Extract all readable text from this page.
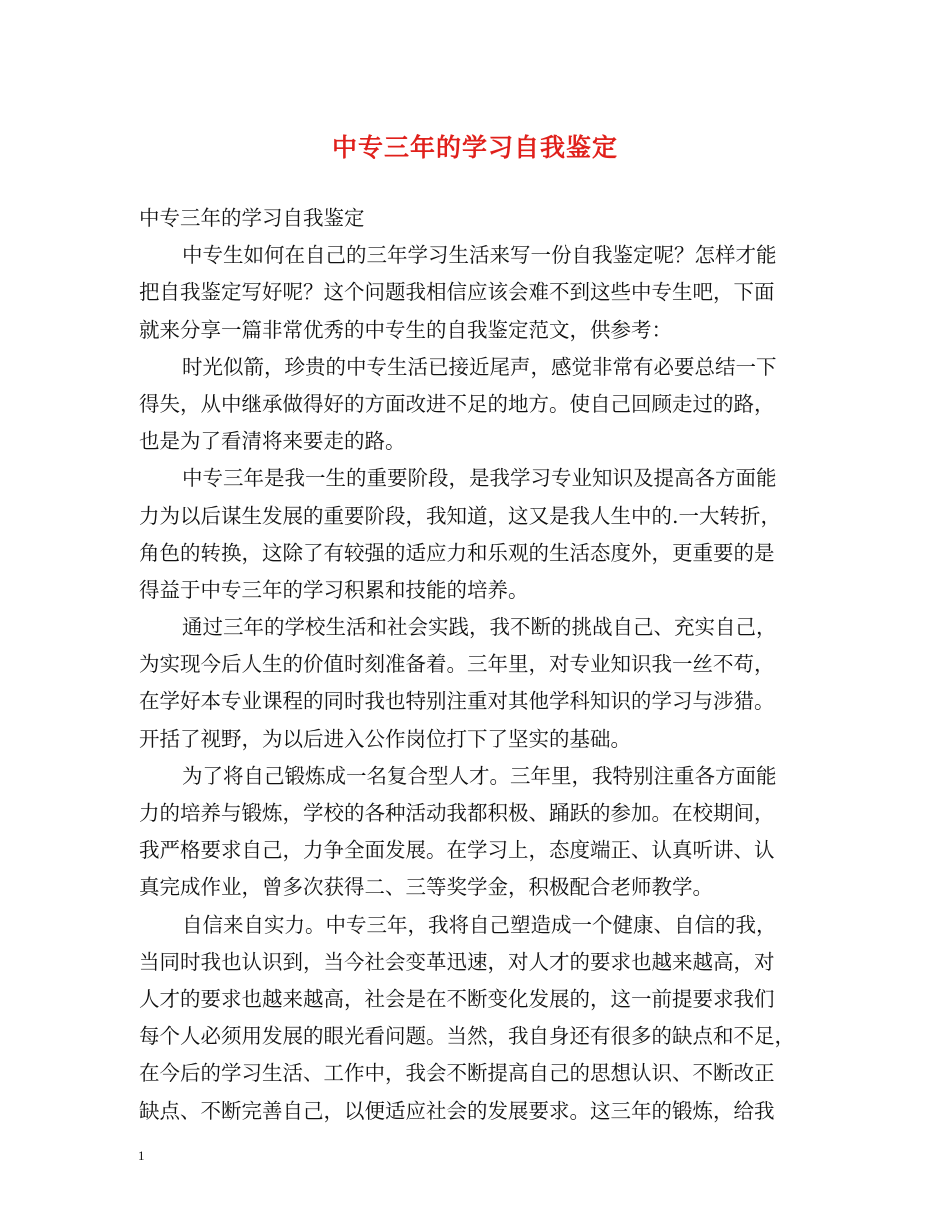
中专三年的学习自我鉴定
中专三年的学习自我鉴定
中专生如何在自己的三年学习生活来写一份自我鉴定呢？怎样才能
把自我鉴定写好呢？这个问题我相信应该会难不到这些中专生吧，下面
就来分享一篇非常优秀的中专生的自我鉴定范文，供参考：
时光似箭，珍贵的中专生活已接近尾声，感觉非常有必要总结一下
得失，从中继承做得好的方面改进不足的地方。使自己回顾走过的路，
也是为了看清将来要走的路。
中专三年是我一生的重要阶段，是我学习专业知识及提高各方面能
力为以后谋生发展的重要阶段，我知道，这又是我人生中的.一大转折，
角色的转换，这除了有较强的适应力和乐观的生活态度外，更重要的是
得益于中专三年的学习积累和技能的培养。
通过三年的学校生活和社会实践，我不断的挑战自己、充实自己，
为实现今后人生的价值时刻准备着。三年里，对专业知识我一丝不苟，
在学好本专业课程的同时我也特别注重对其他学科知识的学习与涉猎。
开括了视野，为以后进入公作岗位打下了坚实的基础。
为了将自己锻炼成一名复合型人才。三年里，我特别注重各方面能
力的培养与锻炼，学校的各种活动我都积极、踊跃的参加。在校期间，
我严格要求自己，力争全面发展。在学习上，态度端正、认真听讲、认
真完成作业，曾多次获得二、三等奖学金，积极配合老师教学。
自信来自实力。中专三年，我将自己塑造成一个健康、自信的我，
当同时我也认识到，当今社会变革迅速，对人才的要求也越来越高，对
人才的要求也越来越高，社会是在不断变化发展的，这一前提要求我们
每个人必须用发展的眼光看问题。当然，我自身还有很多的缺点和不足，
在今后的学习生活、工作中，我会不断提高自己的思想认识、不断改正
缺点、不断完善自己，以便适应社会的发展要求。这三年的锻炼，给我
1
